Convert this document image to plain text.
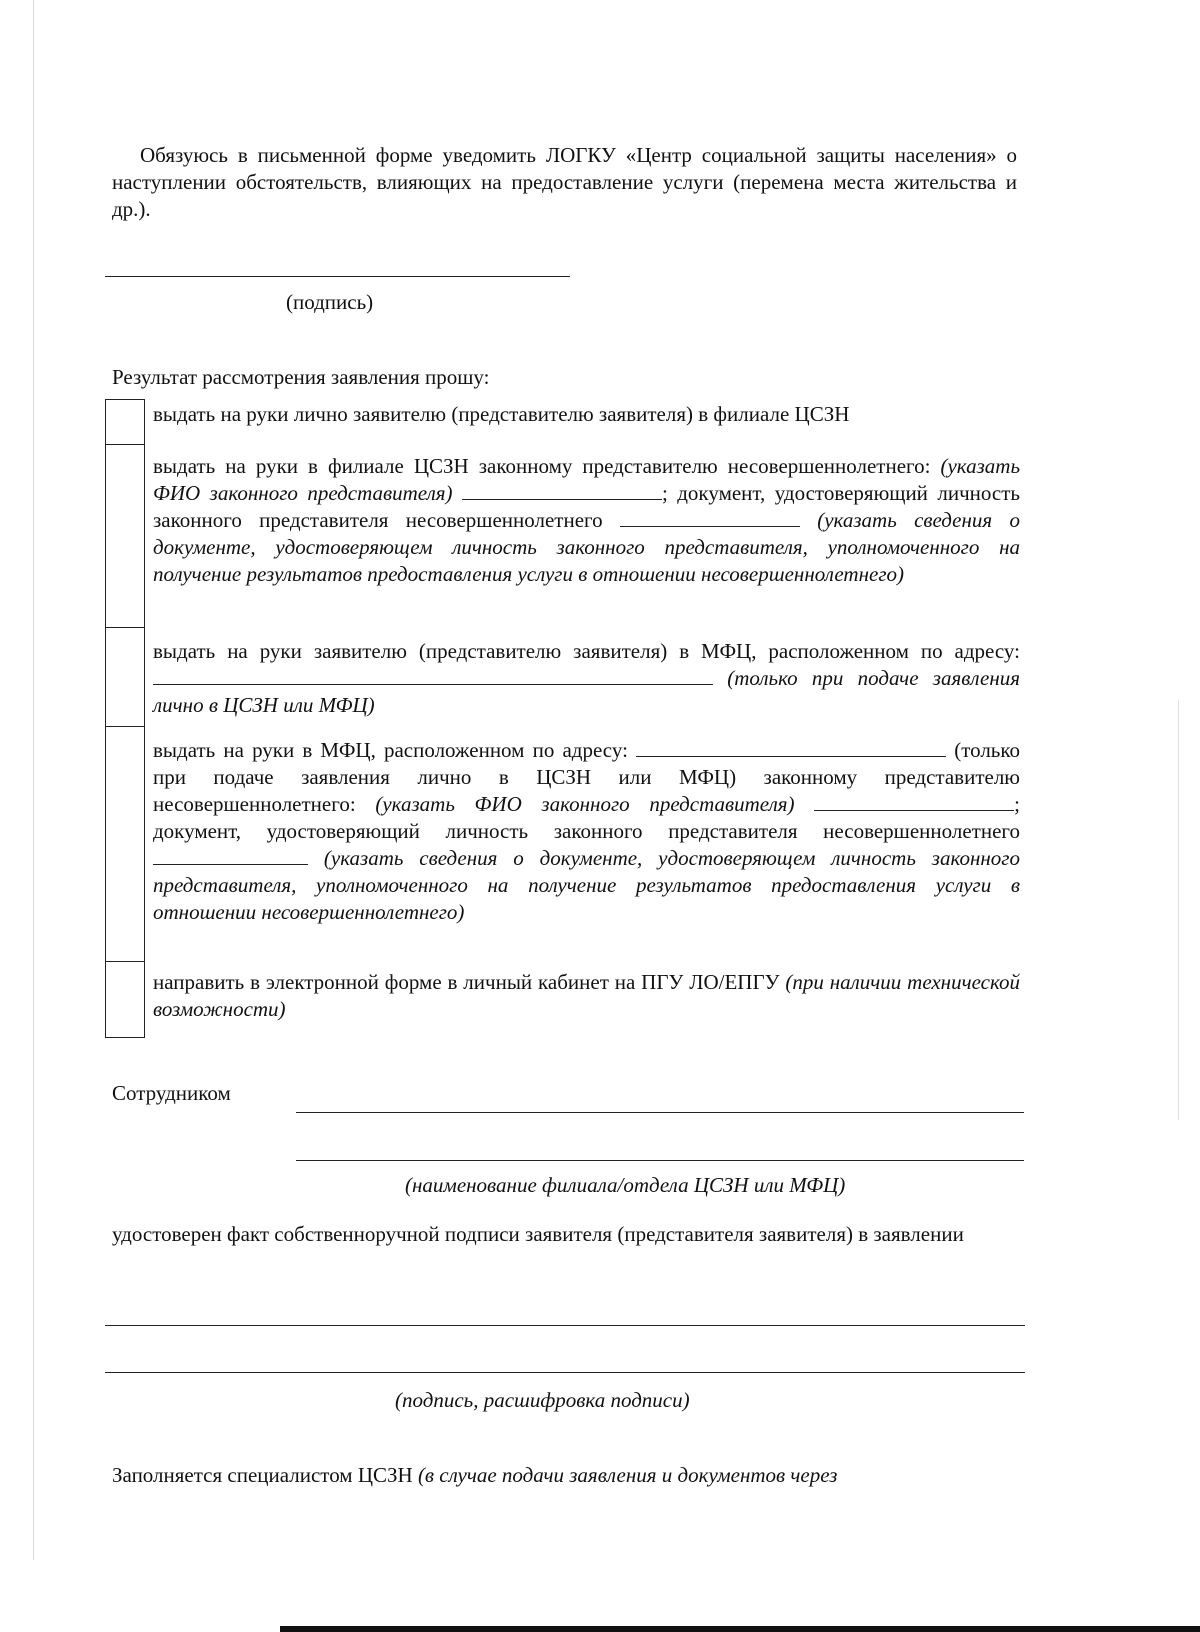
Обязуюсь в письменной форме уведомить ЛОГКУ «Центр социальной защиты населения» о наступлении обстоятельств, влияющих на предоставление услуги (перемена места жительства и др.).
(подпись)
Результат рассмотрения заявления прошу:
выдать на руки лично заявителю (представителю заявителя) в филиале ЦСЗН
выдать на руки в филиале ЦСЗН законному представителю несовершеннолетнего: (указать ФИО законного представителя)	; документ, удостоверяющий личность законного представителя несовершеннолетнего	(указать сведения о документе, удостоверяющем личность законного представителя, уполномоченного на получение результатов предоставления услуги в отношении несовершеннолетнего)
выдать на руки заявителю (представителю заявителя) в МФЦ, расположенном по адресу:  (только при подаче заявления лично в ЦСЗН или МФЦ)
выдать на руки в МФЦ, расположенном по адресу:	(только при подаче заявления лично в ЦСЗН или МФЦ) законному представителю несовершеннолетнего: (указать ФИО законного представителя)	; документ, удостоверяющий личность законного представителя несовершеннолетнего  (указать сведения о документе, удостоверяющем личность законного представителя, уполномоченного на получение результатов предоставления услуги в отношении несовершеннолетнего)
направить в электронной форме в личный кабинет на ПГУ ЛО/ЕПГУ (при наличии технической возможности)
Сотрудником
(наименование филиала/отдела ЦСЗН или МФЦ)
удостоверен факт собственноручной подписи заявителя (представителя заявителя) в заявлении
(подпись, расшифровка подписи)
Заполняется специалистом ЦСЗН (в случае подачи заявления и документов через
